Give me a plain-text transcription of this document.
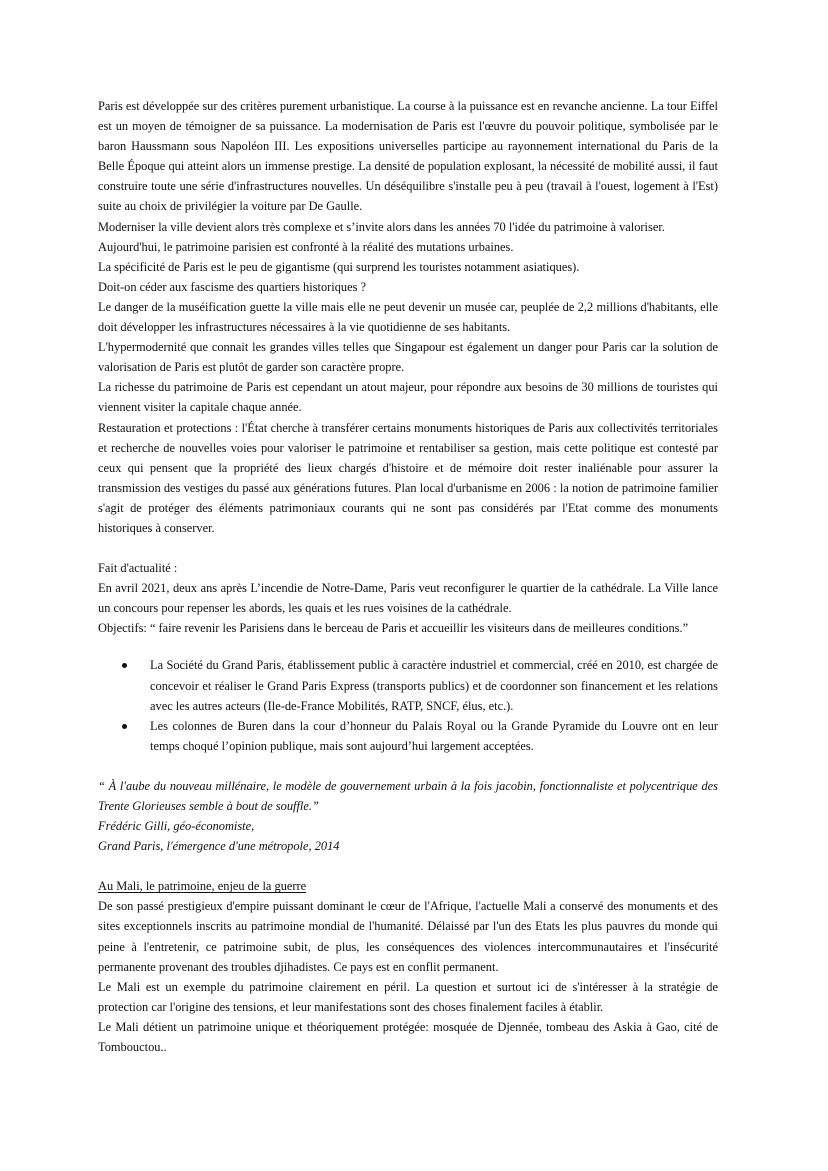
Paris est développée sur des critères purement urbanistique. La course à la puissance est en revanche ancienne. La tour Eiffel est un moyen de témoigner de sa puissance. La modernisation de Paris est l'œuvre du pouvoir politique, symbolisée par le baron Haussmann sous Napoléon III. Les expositions universelles participe au rayonnement international du Paris de la Belle Époque qui atteint alors un immense prestige. La densité de population explosant, la nécessité de mobilité aussi, il faut construire toute une série d'infrastructures nouvelles. Un déséquilibre s'installe peu à peu (travail à l'ouest, logement à l'Est) suite au choix de privilégier la voiture par De Gaulle.

Moderniser la ville devient alors très complexe et s’invite alors dans les années 70 l'idée du patrimoine à valoriser.

Aujourd'hui, le patrimoine parisien est confronté à la réalité des mutations urbaines.

La spécificité de Paris est le peu de gigantisme (qui surprend les touristes notamment asiatiques).

Doit-on céder aux fascisme des quartiers historiques ?

Le danger de la muséification guette la ville mais elle ne peut devenir un musée car, peuplée de 2,2 millions d'habitants, elle doit développer les infrastructures nécessaires à la vie quotidienne de ses habitants.

L'hypermodernité que connait les grandes villes telles que Singapour est également un danger pour Paris car la solution de valorisation de Paris est plutôt de garder son caractère propre.

La richesse du patrimoine de Paris est cependant un atout majeur, pour répondre aux besoins de 30 millions de touristes qui viennent visiter la capitale chaque année.

Restauration et protections : l'État cherche à transférer certains monuments historiques de Paris aux collectivités territoriales et recherche de nouvelles voies pour valoriser le patrimoine et rentabiliser sa gestion, mais cette politique est contesté par ceux qui pensent que la propriété des lieux chargés d'histoire et de mémoire doit rester inaliénable pour assurer la transmission des vestiges du passé aux générations futures. Plan local d'urbanisme en 2006 : la notion de patrimoine familier s'agit de protéger des éléments patrimoniaux courants qui ne sont pas considérés par l'Etat comme des monuments historiques à conserver.

Fait d'actualité :

En avril 2021, deux ans après L’incendie de Notre-Dame, Paris veut reconfigurer le quartier de la cathédrale. La Ville lance un concours pour repenser les abords, les quais et les rues voisines de la cathédrale.

Objectifs: “ faire revenir les Parisiens dans le berceau de Paris et accueillir les visiteurs dans de meilleures conditions.”

La Société du Grand Paris, établissement public à caractère industriel et commercial, créé en 2010, est chargée de concevoir et réaliser le Grand Paris Express (transports publics) et de coordonner son financement et les relations avec les autres acteurs (Ile-de-France Mobilités, RATP, SNCF, élus, etc.).
Les colonnes de Buren dans la cour d’honneur du Palais Royal ou la Grande Pyramide du Louvre ont en leur temps choqué l’opinion publique, mais sont aujourd’hui largement acceptées.

“ À l'aube du nouveau millénaire, le modèle de gouvernement urbain à la fois jacobin, fonctionnaliste et polycentrique des Trente Glorieuses semble à bout de souffle.”

Frédéric Gilli, géo-économiste,

Grand Paris, l'émergence d'une métropole, 2014

Au Mali, le patrimoine, enjeu de la guerre

De son passé prestigieux d'empire puissant dominant le cœur de l'Afrique, l'actuelle Mali a conservé des monuments et des sites exceptionnels inscrits au patrimoine mondial de l'humanité. Délaissé par l'un des Etats les plus pauvres du monde qui peine à l'entretenir, ce patrimoine subit, de plus, les conséquences des violences intercommunautaires et l'insécurité permanente provenant des troubles djihadistes. Ce pays est en conflit permanent.

Le Mali est un exemple du patrimoine clairement en péril. La question et surtout ici de s'intéresser à la stratégie de protection car l'origine des tensions, et leur manifestations sont des choses finalement faciles à établir.

Le Mali détient un patrimoine unique et théoriquement protégée: mosquée de Djennée, tombeau des Askia à Gao, cité de Tombouctou..
